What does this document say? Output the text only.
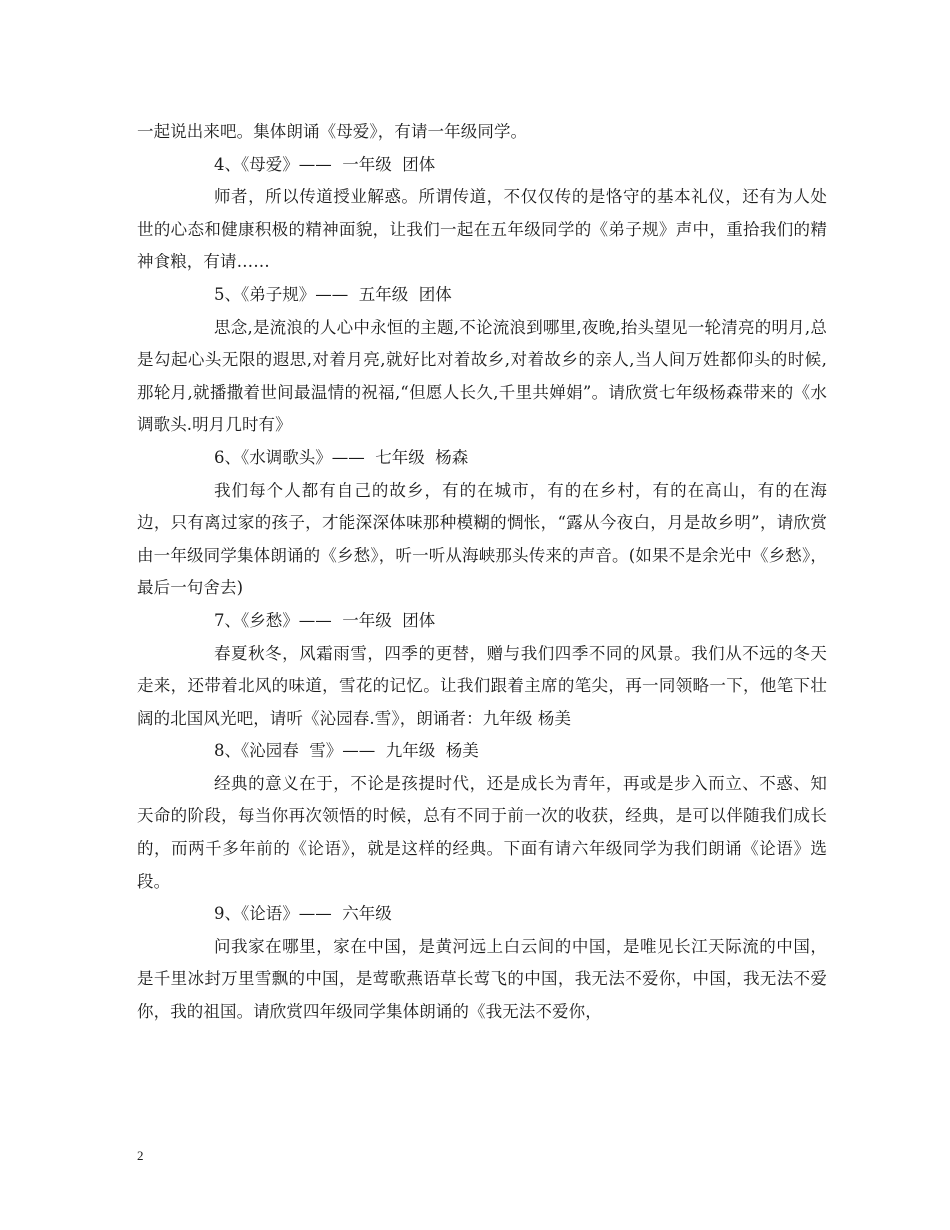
一起说出来吧。集体朗诵《母爱》，有请一年级同学。

4、《母爱》——  一年级  团体

师者，所以传道授业解惑。所谓传道，不仅仅传的是恪守的基本礼仪，还有为人处世的心态和健康积极的精神面貌，让我们一起在五年级同学的《弟子规》声中，重拾我们的精神食粮，有请……

5、《弟子规》——  五年级  团体

思念,是流浪的人心中永恒的主题,不论流浪到哪里,夜晚,抬头望见一轮清亮的明月,总是勾起心头无限的遐思,对着月亮,就好比对着故乡,对着故乡的亲人,当人间万姓都仰头的时候,那轮月,就播撒着世间最温情的祝福,“但愿人长久,千里共婵娟”。请欣赏七年级杨森带来的《水调歌头.明月几时有》

6、《水调歌头》——  七年级  杨森

我们每个人都有自己的故乡，有的在城市，有的在乡村，有的在高山，有的在海边，只有离过家的孩子，才能深深体味那种模糊的惆怅，“露从今夜白，月是故乡明”，请欣赏由一年级同学集体朗诵的《乡愁》，听一听从海峡那头传来的声音。(如果不是余光中《乡愁》，最后一句舍去)

7、《乡愁》——  一年级  团体

春夏秋冬，风霜雨雪，四季的更替，赠与我们四季不同的风景。我们从不远的冬天走来，还带着北风的味道，雪花的记忆。让我们跟着主席的笔尖，再一同领略一下，他笔下壮阔的北国风光吧，请听《沁园春.雪》，朗诵者：九年级 杨美

8、《沁园春  雪》——  九年级  杨美

经典的意义在于，不论是孩提时代，还是成长为青年，再或是步入而立、不惑、知天命的阶段，每当你再次领悟的时候，总有不同于前一次的收获，经典，是可以伴随我们成长的，而两千多年前的《论语》，就是这样的经典。下面有请六年级同学为我们朗诵《论语》选段。

9、《论语》——  六年级

问我家在哪里，家在中国，是黄河远上白云间的中国，是唯见长江天际流的中国，是千里冰封万里雪飘的中国，是莺歌燕语草长莺飞的中国，我无法不爱你，中国，我无法不爱你，我的祖国。请欣赏四年级同学集体朗诵的《我无法不爱你，

2
